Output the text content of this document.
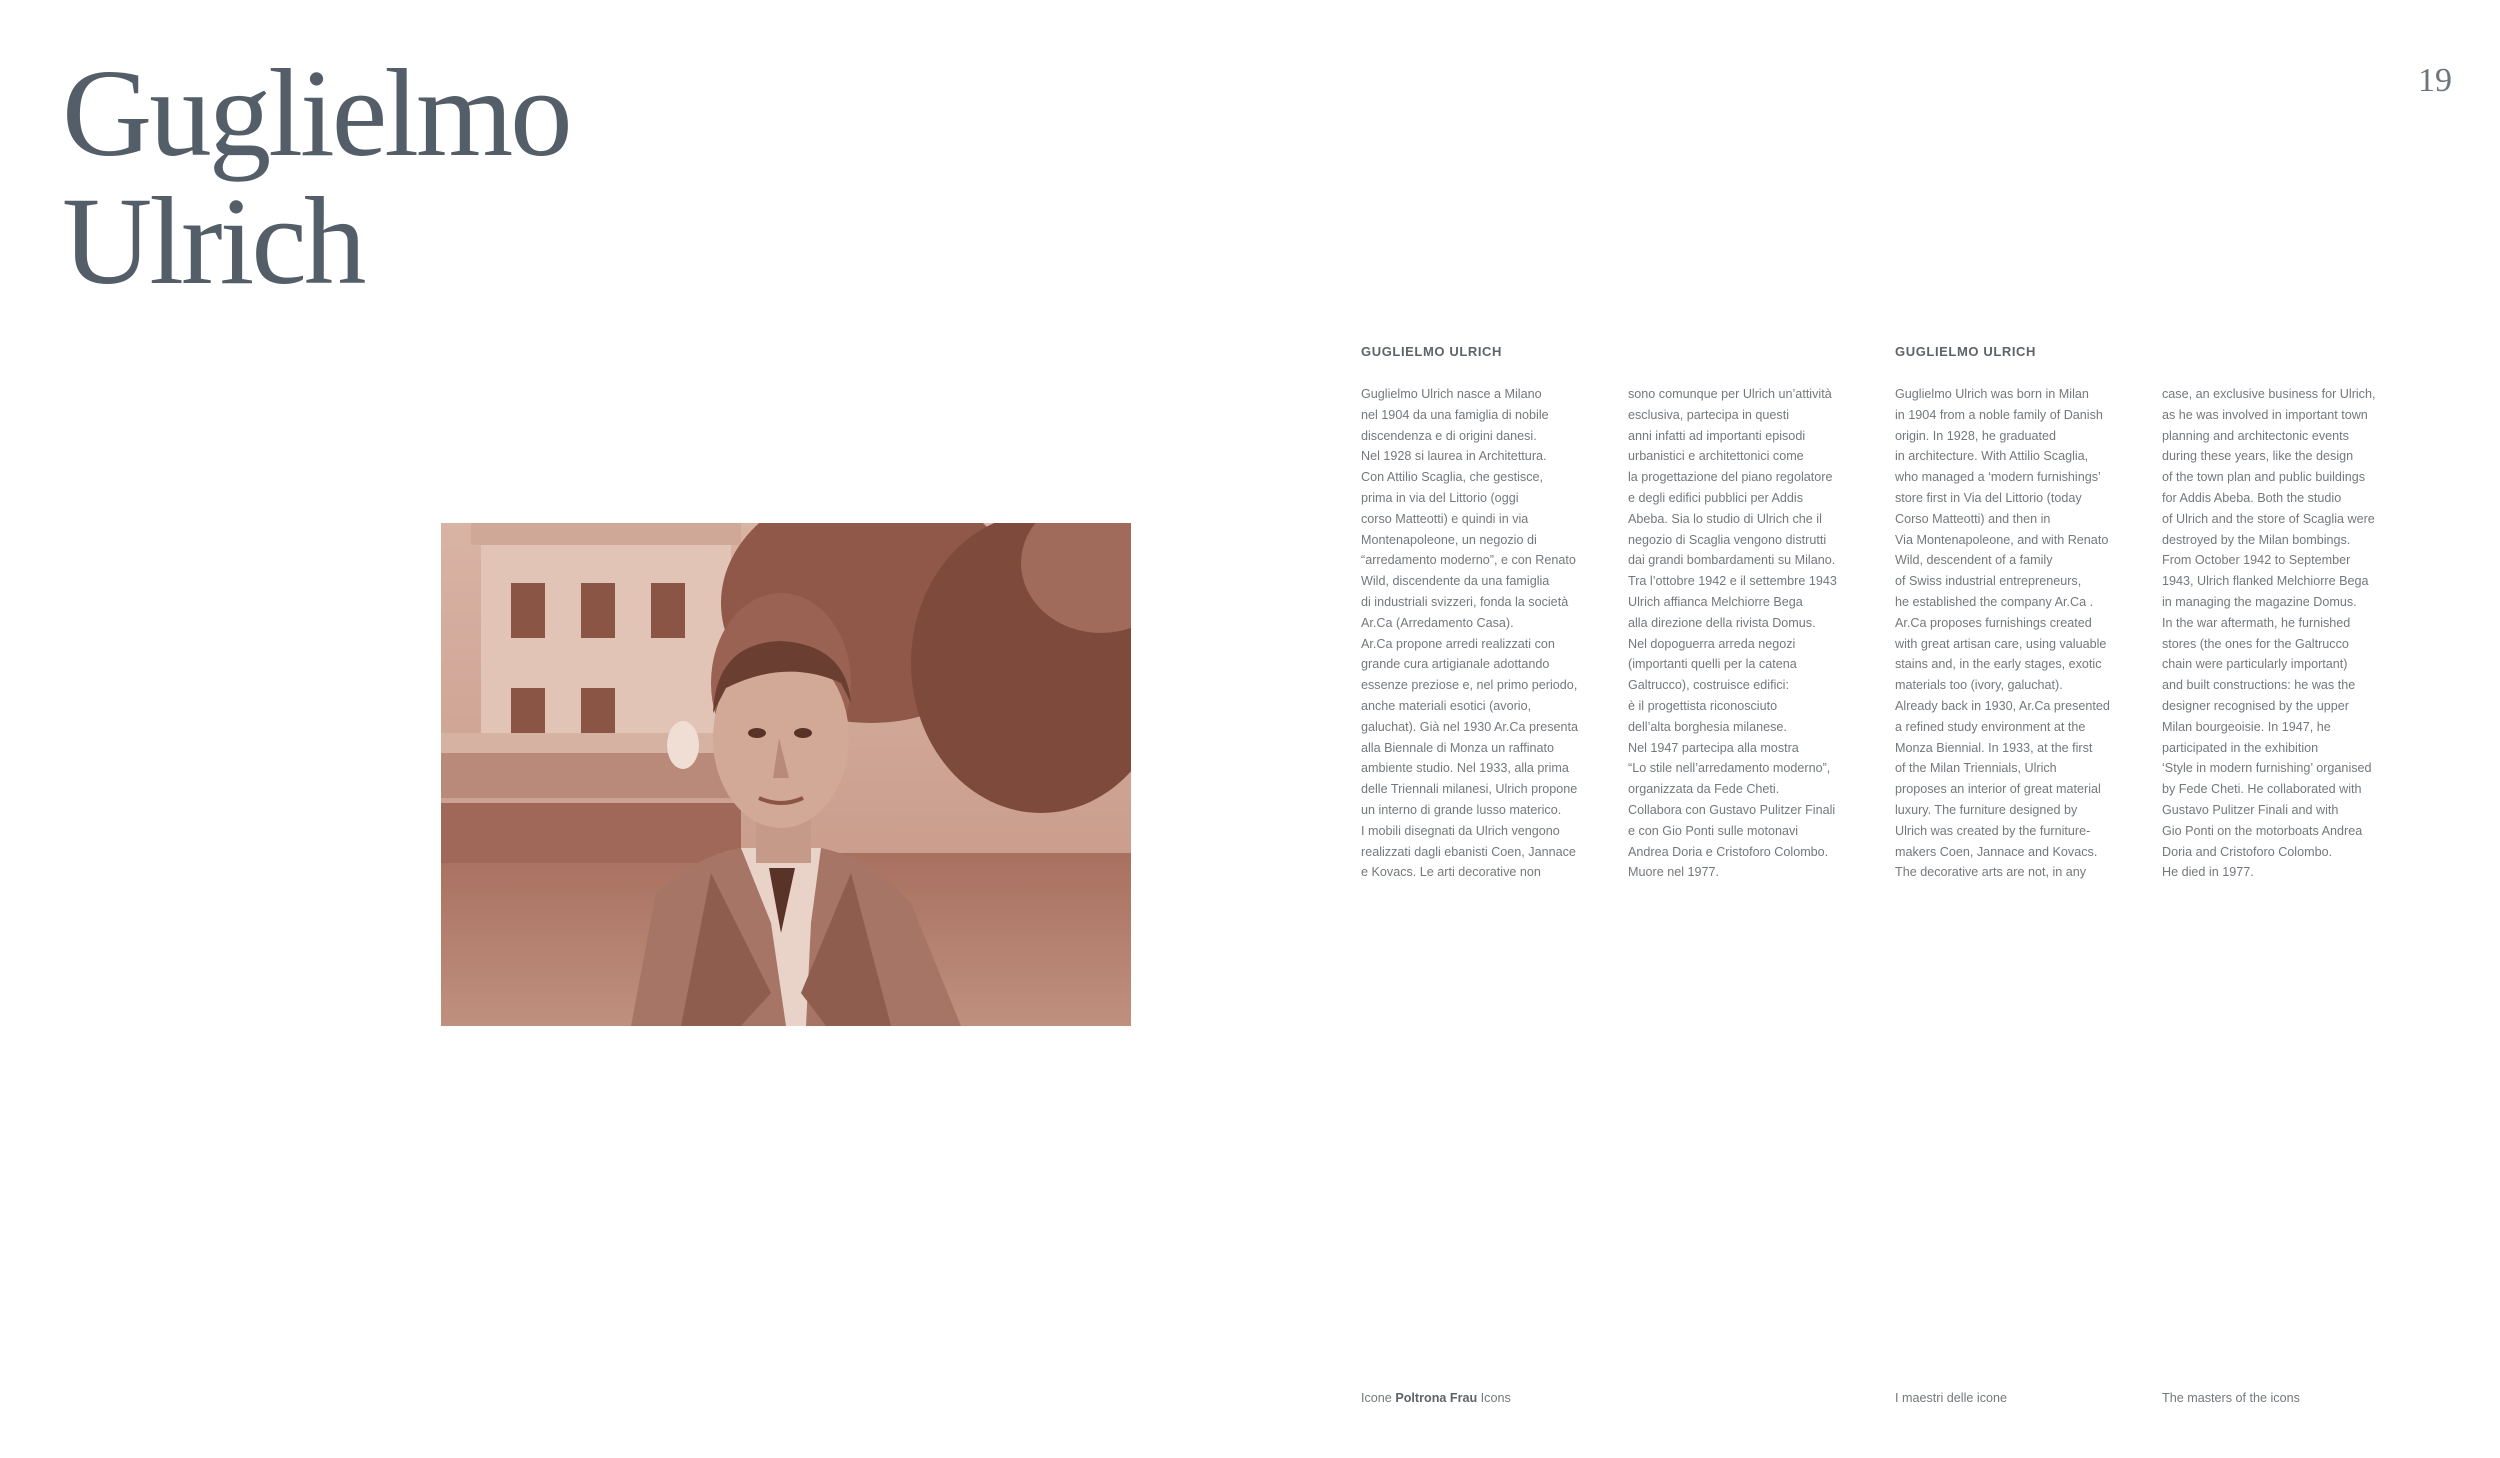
Guglielmo
Ulrich
19
GUGLIELMO ULRICH	GUGLIELMO ULRICH
Guglielmo Ulrich nasce a Milano
nel 1904 da una famiglia di nobile
discendenza e di origini danesi.
Nel 1928 si laurea in Architettura.
Con Attilio Scaglia, che gestisce,
prima in via del Littorio (oggi
corso Matteotti) e quindi in via
Montenapoleone, un negozio di
“arredamento moderno”, e con Renato
Wild, discendente da una famiglia
di industriali svizzeri, fonda la società
Ar.Ca (Arredamento Casa).
Ar.Ca propone arredi realizzati con
grande cura artigianale adottando
essenze preziose e, nel primo periodo,
anche materiali esotici (avorio,
galuchat). Già nel 1930 Ar.Ca presenta
alla Biennale di Monza un raffinato
ambiente studio. Nel 1933, alla prima
delle Triennali milanesi, Ulrich propone
un interno di grande lusso materico.
I mobili disegnati da Ulrich vengono
realizzati dagli ebanisti Coen, Jannace
e Kovacs. Le arti decorative non
sono comunque per Ulrich un’attività
esclusiva, partecipa in questi
anni infatti ad importanti episodi
urbanistici e architettonici come
la progettazione del piano regolatore
e degli edifici pubblici per Addis
Abeba. Sia lo studio di Ulrich che il
negozio di Scaglia vengono distrutti
dai grandi bombardamenti su Milano.
Tra l’ottobre 1942 e il settembre 1943
Ulrich affianca Melchiorre Bega
alla direzione della rivista Domus.
Nel dopoguerra arreda negozi
(importanti quelli per la catena
Galtrucco), costruisce edifici:
è il progettista riconosciuto
dell’alta borghesia milanese.
Nel 1947 partecipa alla mostra
“Lo stile nell’arredamento moderno”,
organizzata da Fede Cheti.
Collabora con Gustavo Pulitzer Finali
e con Gio Ponti sulle motonavi
Andrea Doria e Cristoforo Colombo.
Muore nel 1977.
Guglielmo Ulrich was born in Milan
in 1904 from a noble family of Danish
origin. In 1928, he graduated
in architecture. With Attilio Scaglia,
who managed a ‘modern furnishings’
store first in Via del Littorio (today
Corso Matteotti) and then in
Via Montenapoleone, and with Renato
Wild, descendent of a family
of Swiss industrial entrepreneurs,
he established the company Ar.Ca .
Ar.Ca proposes furnishings created
with great artisan care, using valuable
stains and, in the early stages, exotic
materials too (ivory, galuchat).
Already back in 1930, Ar.Ca presented
a refined study environment at the
Monza Biennial. In 1933, at the first
of the Milan Triennials, Ulrich
proposes an interior of great material
luxury. The furniture designed by
Ulrich was created by the furniture-
makers Coen, Jannace and Kovacs.
The decorative arts are not, in any
case, an exclusive business for Ulrich,
as he was involved in important town
planning and architectonic events
during these years, like the design
of the town plan and public buildings
for Addis Abeba. Both the studio
of Ulrich and the store of Scaglia were
destroyed by the Milan bombings.
From October 1942 to September
1943, Ulrich flanked Melchiorre Bega
in managing the magazine Domus.
In the war aftermath, he furnished
stores (the ones for the Galtrucco
chain were particularly important)
and built constructions: he was the
designer recognised by the upper
Milan bourgeoisie. In 1947, he
participated in the exhibition
‘Style in modern furnishing’ organised
by Fede Cheti. He collaborated with
Gustavo Pulitzer Finali and with
Gio Ponti on the motorboats Andrea
Doria and Cristoforo Colombo.
He died in 1977.
Icone Poltrona Frau Icons	I maestri delle icone	The masters of the icons
